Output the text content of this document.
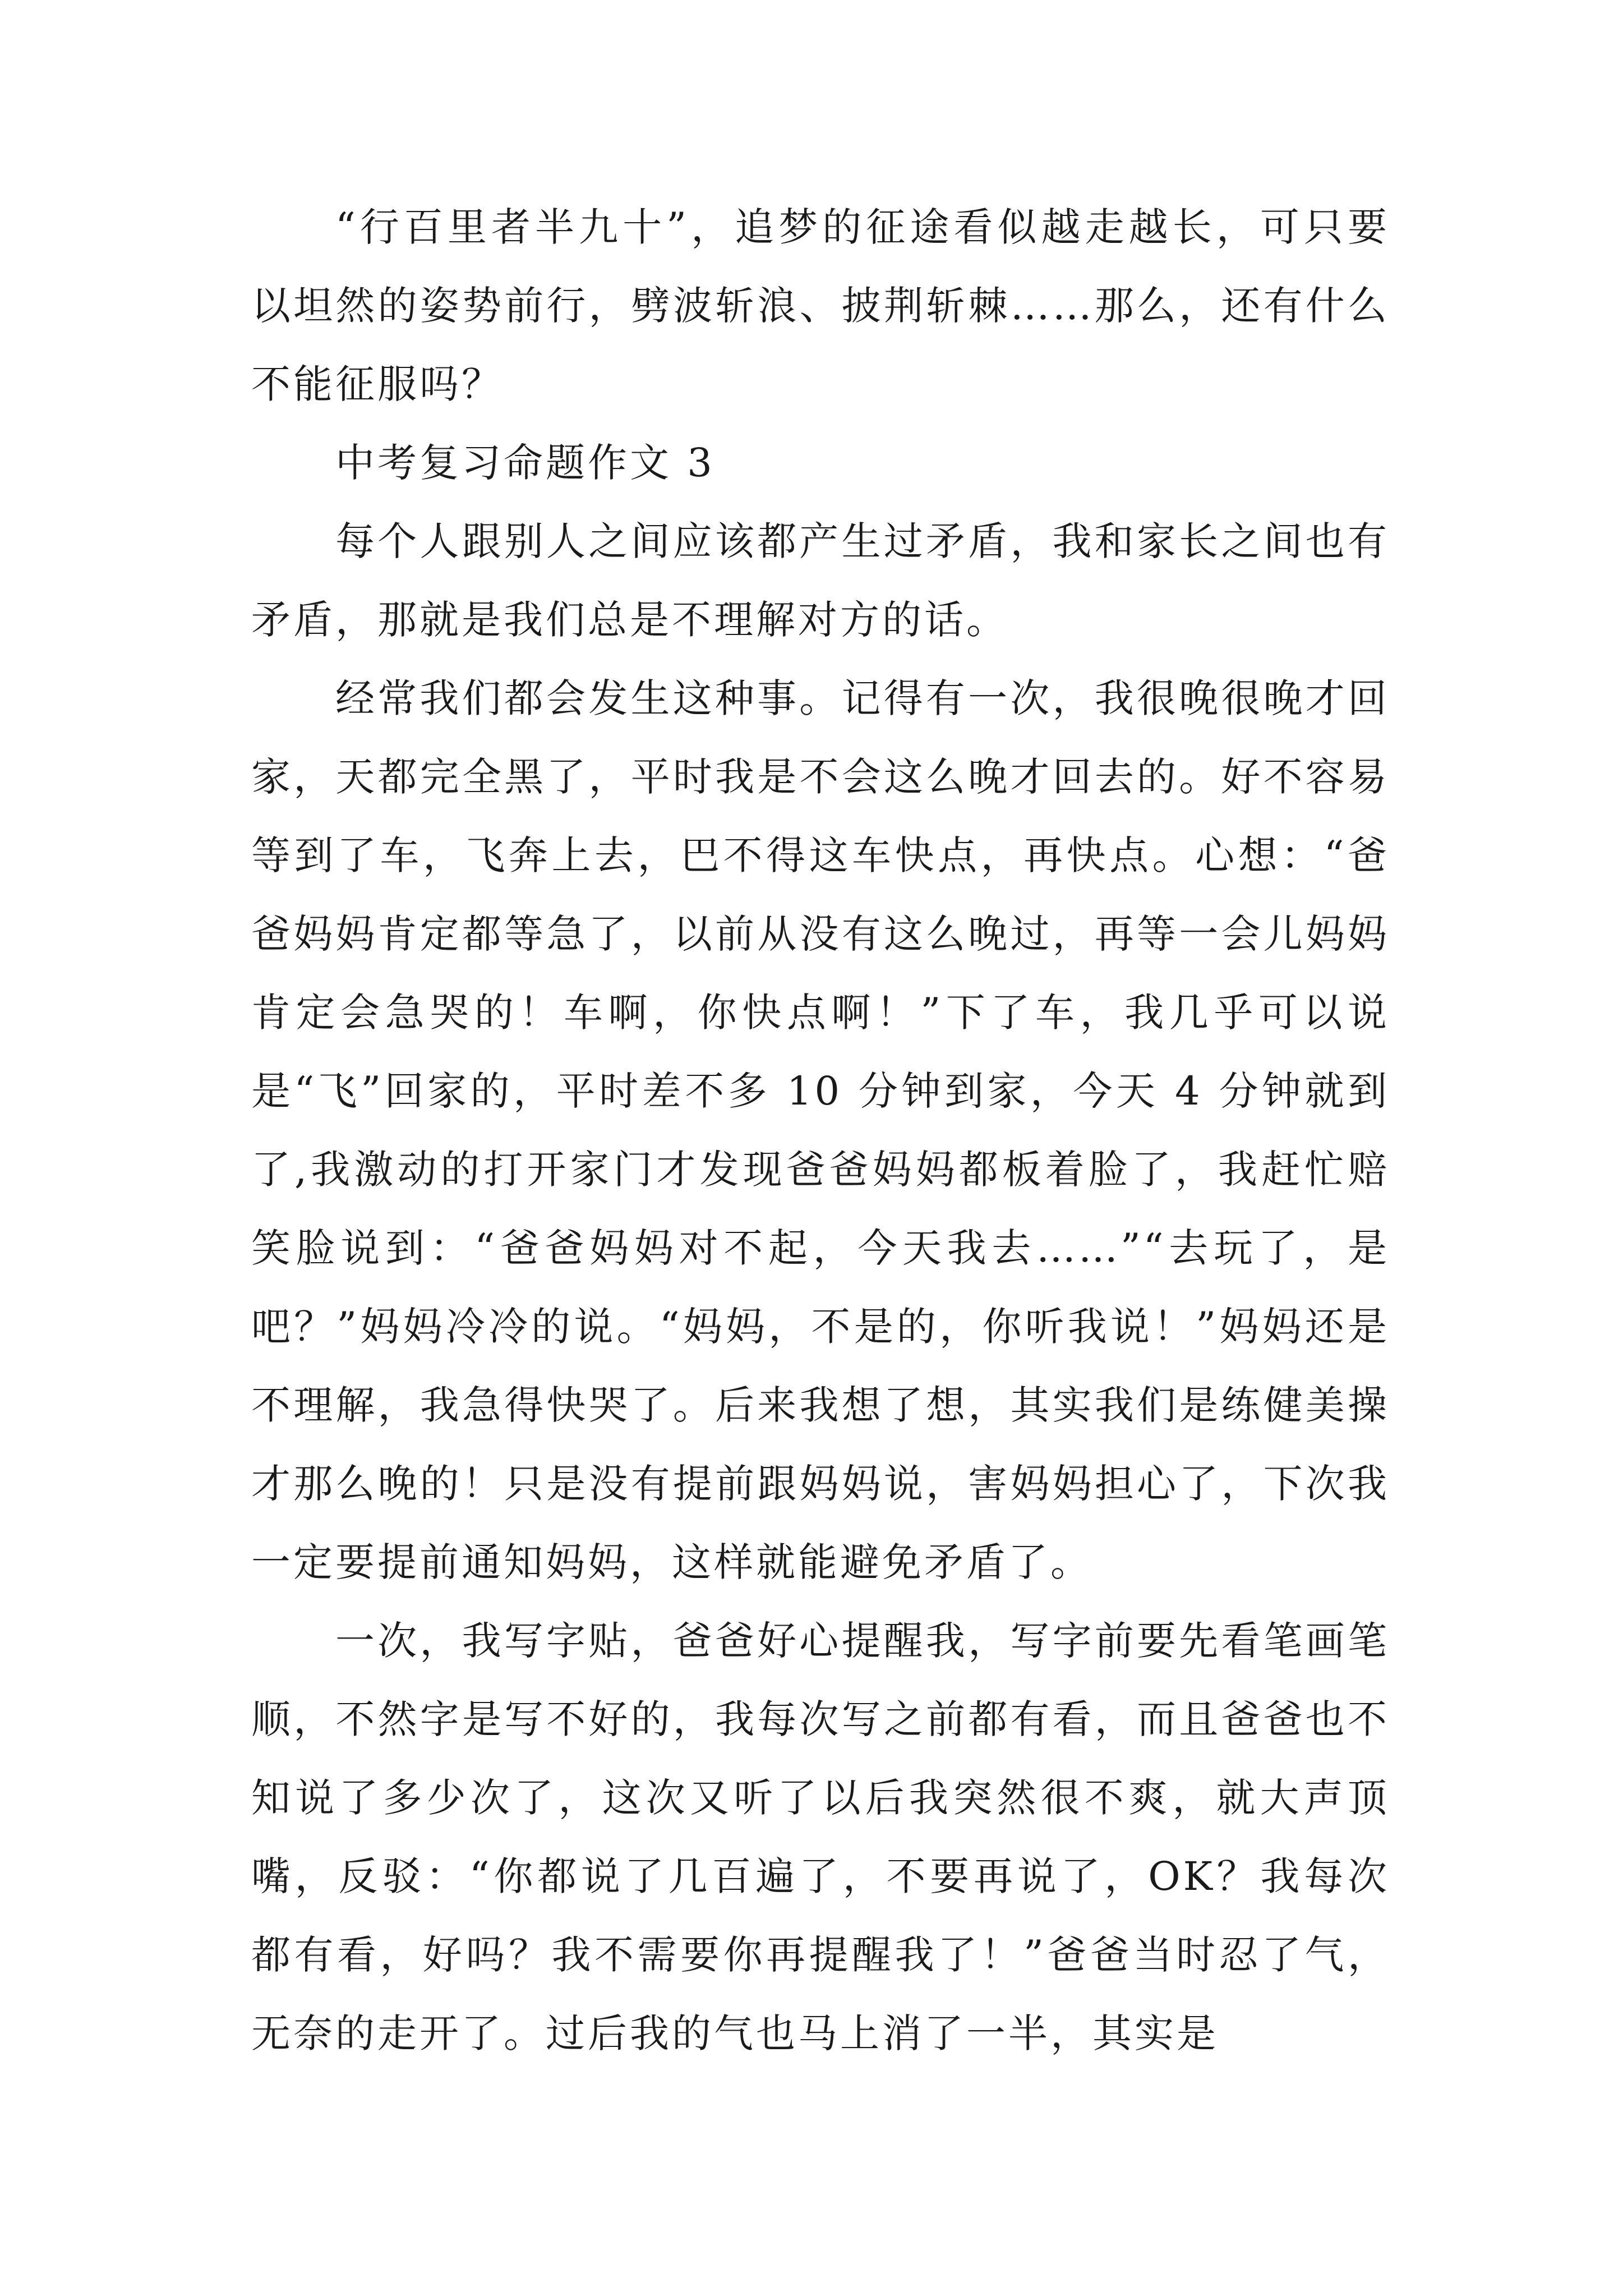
“行百里者半九十”，追梦的征途看似越走越长，可只要以坦然的姿势前行，劈波斩浪、披荆斩棘……那么，还有什么不能征服吗？

中考复习命题作文 3

每个人跟别人之间应该都产生过矛盾，我和家长之间也有矛盾，那就是我们总是不理解对方的话。

经常我们都会发生这种事。记得有一次，我很晚很晚才回家，天都完全黑了，平时我是不会这么晚才回去的。好不容易等到了车，飞奔上去，巴不得这车快点，再快点。心想：“爸爸妈妈肯定都等急了，以前从没有这么晚过，再等一会儿妈妈肯定会急哭的！车啊，你快点啊！”下了车，我几乎可以说是“飞”回家的，平时差不多 10 分钟到家，今天 4 分钟就到了,我激动的打开家门才发现爸爸妈妈都板着脸了，我赶忙赔笑脸说到：“爸爸妈妈对不起，今天我去……”“去玩了，是吧？”妈妈冷冷的说。“妈妈，不是的，你听我说！”妈妈还是不理解，我急得快哭了。后来我想了想，其实我们是练健美操才那么晚的！只是没有提前跟妈妈说，害妈妈担心了，下次我一定要提前通知妈妈，这样就能避免矛盾了。

一次，我写字贴，爸爸好心提醒我，写字前要先看笔画笔顺，不然字是写不好的，我每次写之前都有看，而且爸爸也不知说了多少次了，这次又听了以后我突然很不爽，就大声顶嘴，反驳：“你都说了几百遍了，不要再说了，OK？我每次都有看，好吗？我不需要你再提醒我了！”爸爸当时忍了气，无奈的走开了。过后我的气也马上消了一半，其实是
